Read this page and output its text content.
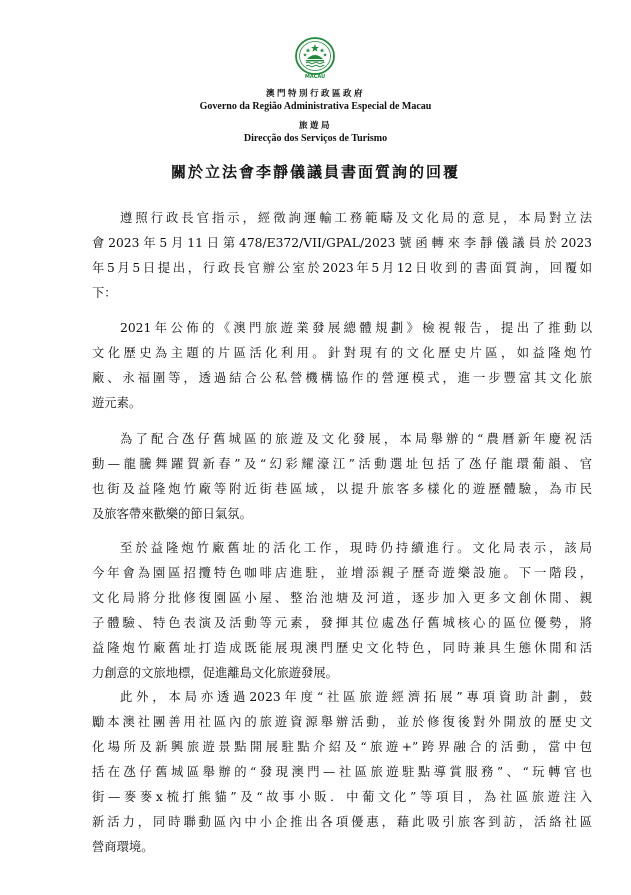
MACAU
澳門特別行政區政府
Governo da Região Administrativa Especial de Macau
旅遊局
Direcção dos Serviços de Turismo
關於立法會李靜儀議員書面質詢的回覆
遵照行政長官指示，經徵詢運輸工務範疇及文化局的意見，本局對立法
會2023年5月11日第478/E372/VII/GPAL/2023號函轉來李靜儀議員於2023
年5月5日提出，行政長官辦公室於2023年5月12日收到的書面質詢，回覆如
下：
2021年公佈的《澳門旅遊業發展總體規劃》檢視報告，提出了推動以
文化歷史為主題的片區活化利用。針對現有的文化歷史片區，如益隆炮竹
廠、永福圍等，透過結合公私營機構協作的營運模式，進一步豐富其文化旅
遊元素。
為了配合氹仔舊城區的旅遊及文化發展，本局舉辦的“農曆新年慶祝活
動—龍騰舞躍賀新春”及“幻彩耀濠江”活動選址包括了氹仔龍環葡韻、官
也街及益隆炮竹廠等附近街巷區域，以提升旅客多樣化的遊歷體驗，為市民
及旅客帶來歡樂的節日氣氛。
至於益隆炮竹廠舊址的活化工作，現時仍持續進行。文化局表示，該局
今年會為園區招攬特色咖啡店進駐，並增添親子歷奇遊樂設施。下一階段，
文化局將分批修復園區小屋、整治池塘及河道，逐步加入更多文創休閒、親
子體驗、特色表演及活動等元素，發揮其位處氹仔舊城核心的區位優勢，將
益隆炮竹廠舊址打造成既能展現澳門歷史文化特色，同時兼具生態休閒和活
力創意的文旅地標，促進離島文化旅遊發展。
此外，本局亦透過2023年度“社區旅遊經濟拓展”專項資助計劃，鼓
勵本澳社團善用社區內的旅遊資源舉辦活動，並於修復後對外開放的歷史文
化場所及新興旅遊景點開展駐點介紹及“旅遊+”跨界融合的活動，當中包
括在氹仔舊城區舉辦的“發現澳門—社區旅遊駐點導賞服務”、“玩轉官也
街—麥麥x梳打熊貓”及“故事小販．中葡文化”等項目，為社區旅遊注入
新活力，同時聯動區內中小企推出各項優惠，藉此吸引旅客到訪，活絡社區
營商環境。
